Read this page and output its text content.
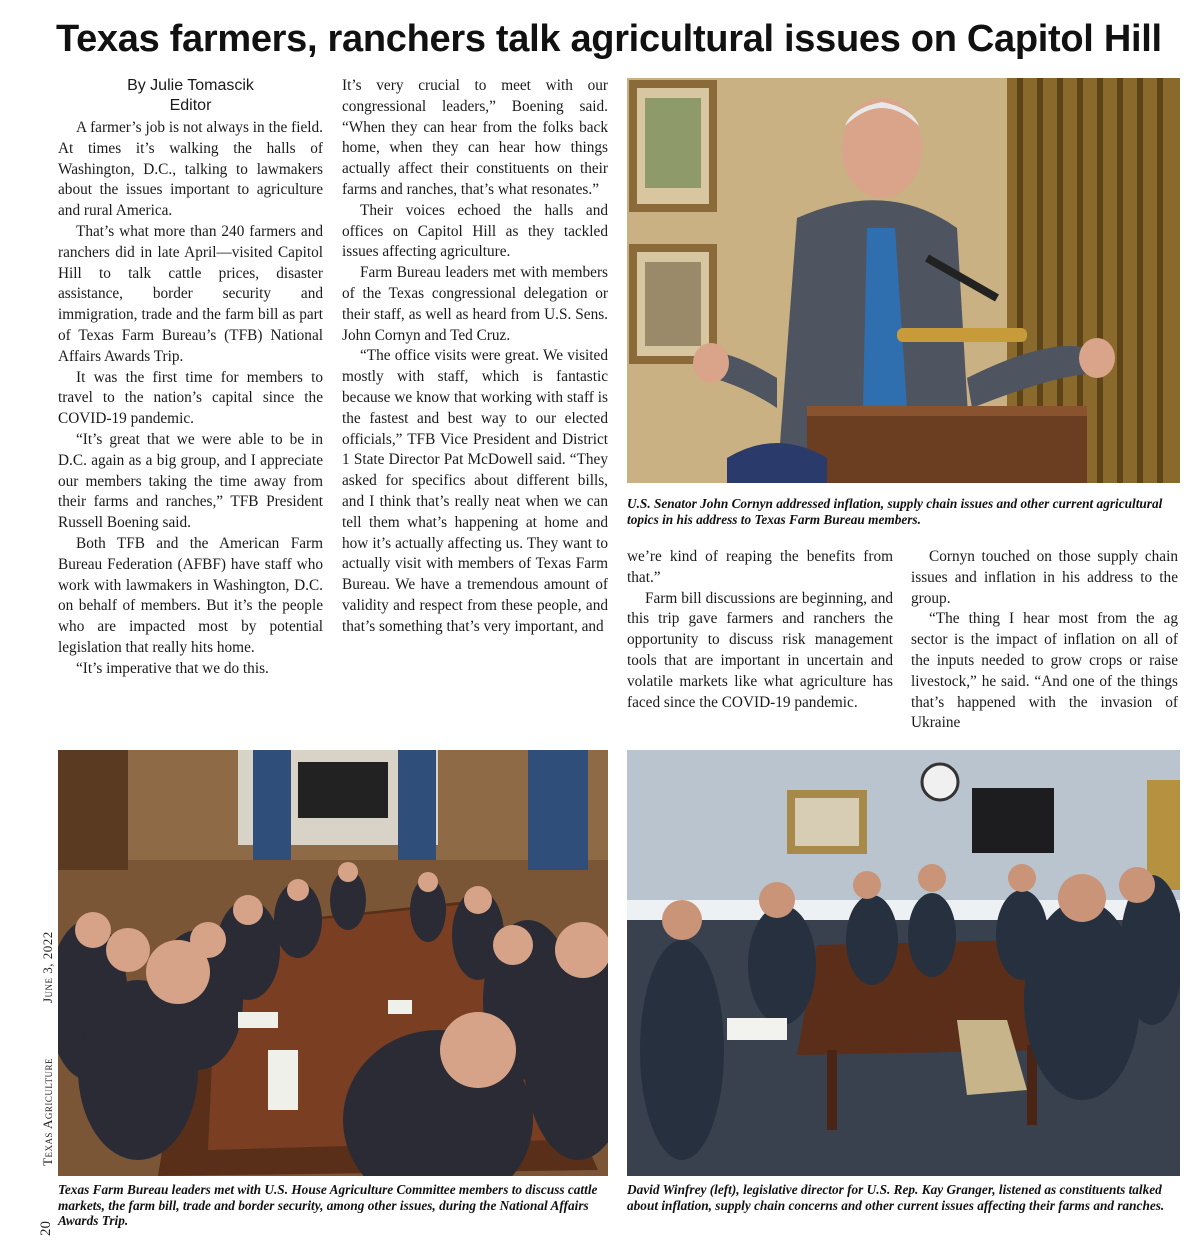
Texas farmers, ranchers talk agricultural issues on Capitol Hill
By Julie Tomascik
Editor

A farmer’s job is not always in the field. At times it’s walking the halls of Washington, D.C., talking to lawmakers about the issues important to agriculture and rural America.

That’s what more than 240 farmers and ranchers did in late April—visited Capitol Hill to talk cattle prices, disaster assistance, border security and immigration, trade and the farm bill as part of Texas Farm Bureau’s (TFB) National Affairs Awards Trip.

It was the first time for members to travel to the nation’s capital since the COVID-19 pandemic.

“It’s great that we were able to be in D.C. again as a big group, and I appreciate our members taking the time away from their farms and ranches,” TFB President Russell Boening said.

Both TFB and the American Farm Bureau Federation (AFBF) have staff who work with lawmakers in Washington, D.C. on behalf of members. But it’s the people who are impacted most by potential legislation that really hits home.

“It’s imperative that we do this.

It’s very crucial to meet with our congressional leaders,” Boening said. “When they can hear from the folks back home, when they can hear how things actually affect their constituents on their farms and ranches, that’s what resonates.”

Their voices echoed the halls and offices on Capitol Hill as they tackled issues affecting agriculture.

Farm Bureau leaders met with members of the Texas congressional delegation or their staff, as well as heard from U.S. Sens. John Cornyn and Ted Cruz.

“The office visits were great. We visited mostly with staff, which is fantastic because we know that working with staff is the fastest and best way to our elected officials,” TFB Vice President and District 1 State Director Pat McDowell said. “They asked for specifics about different bills, and I think that’s really neat when we can tell them what’s happening at home and how it’s actually affecting us. They want to actually visit with members of Texas Farm Bureau. We have a tremendous amount of validity and respect from these people, and that’s something that’s very important, and

we’re kind of reaping the benefits from that.”

Farm bill discussions are beginning, and this trip gave farmers and ranchers the opportunity to discuss risk management tools that are important in uncertain and volatile markets like what agriculture has faced since the COVID-19 pandemic.

Cornyn touched on those supply chain issues and inflation in his address to the group.

“The thing I hear most from the ag sector is the impact of inflation on all of the inputs needed to grow crops or raise livestock,” he said. “And one of the things that’s happened with the invasion of Ukraine

U.S. Senator John Cornyn addressed inflation, supply chain issues and other current agricultural topics in his address to Texas Farm Bureau members.
Texas Farm Bureau leaders met with U.S. House Agriculture Committee members to discuss cattle markets, the farm bill, trade and border security, among other issues, during the National Affairs Awards Trip.
David Winfrey (left), legislative director for U.S. Rep. Kay Granger, listened as constituents talked about inflation, supply chain concerns and other current issues affecting their farms and ranches.
20
Texas Agriculture
June 3, 2022
